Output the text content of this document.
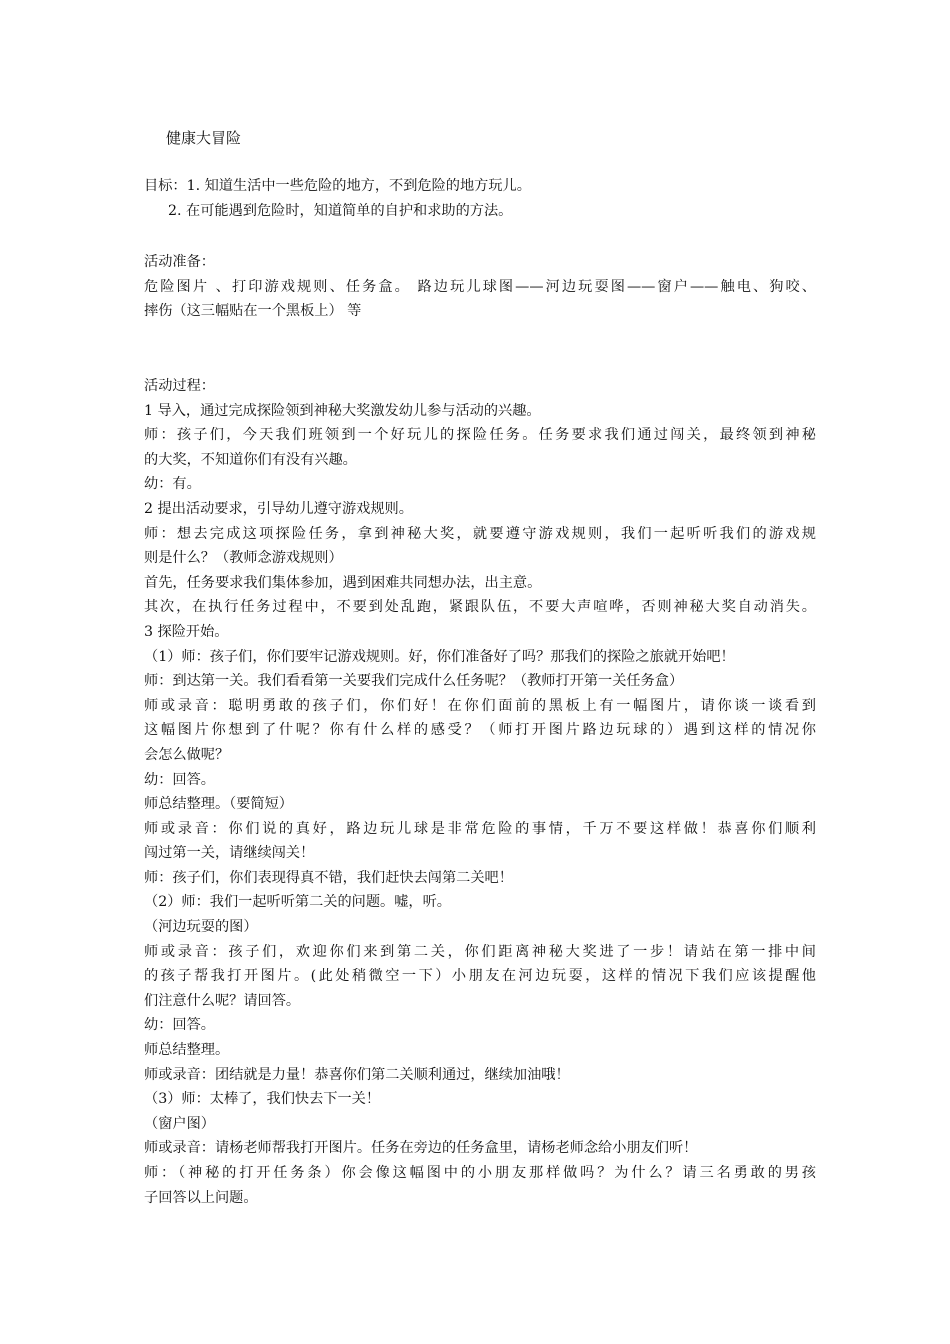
健康大冒险
目标：1. 知道生活中一些危险的地方，不到危险的地方玩儿。
2. 在可能遇到危险时，知道简单的自护和求助的方法。
活动准备：
危险图片 、打印游戏规则、任务盒。 路边玩儿球图——河边玩耍图——窗户——触电、狗咬、
摔伤（这三幅贴在一个黑板上） 等
活动过程：
1 导入，通过完成探险领到神秘大奖激发幼儿参与活动的兴趣。
师：孩子们，今天我们班领到一个好玩儿的探险任务。任务要求我们通过闯关，最终领到神秘
的大奖，不知道你们有没有兴趣。
幼：有。
2 提出活动要求，引导幼儿遵守游戏规则。
师：想去完成这项探险任务，拿到神秘大奖，就要遵守游戏规则，我们一起听听我们的游戏规
则是什么？（教师念游戏规则）
首先，任务要求我们集体参加，遇到困难共同想办法，出主意。
其次，在执行任务过程中，不要到处乱跑，紧跟队伍，不要大声喧哗，否则神秘大奖自动消失。
3 探险开始。
（1）师：孩子们，你们要牢记游戏规则。好，你们准备好了吗？那我们的探险之旅就开始吧！
师：到达第一关。我们看看第一关要我们完成什么任务呢？（教师打开第一关任务盒）
师或录音：聪明勇敢的孩子们，你们好！在你们面前的黑板上有一幅图片，请你谈一谈看到
这幅图片你想到了什呢？你有什么样的感受？（师打开图片路边玩球的）遇到这样的情况你
会怎么做呢？
幼：回答。
师总结整理。（要简短）
师或录音：你们说的真好，路边玩儿球是非常危险的事情，千万不要这样做！恭喜你们顺利
闯过第一关，请继续闯关！
师：孩子们，你们表现得真不错，我们赶快去闯第二关吧！
（2）师：我们一起听听第二关的问题。嘘，听。
（河边玩耍的图）
师或录音：孩子们，欢迎你们来到第二关，你们距离神秘大奖进了一步！请站在第一排中间
的孩子帮我打开图片。(此处稍微空一下）小朋友在河边玩耍，这样的情况下我们应该提醒他
们注意什么呢？请回答。
幼：回答。
师总结整理。
师或录音：团结就是力量！恭喜你们第二关顺利通过，继续加油哦！
（3）师：太棒了，我们快去下一关！
（窗户图）
师或录音：请杨老师帮我打开图片。任务在旁边的任务盒里，请杨老师念给小朋友们听！
师：（神秘的打开任务条）你会像这幅图中的小朋友那样做吗？为什么？请三名勇敢的男孩
子回答以上问题。
